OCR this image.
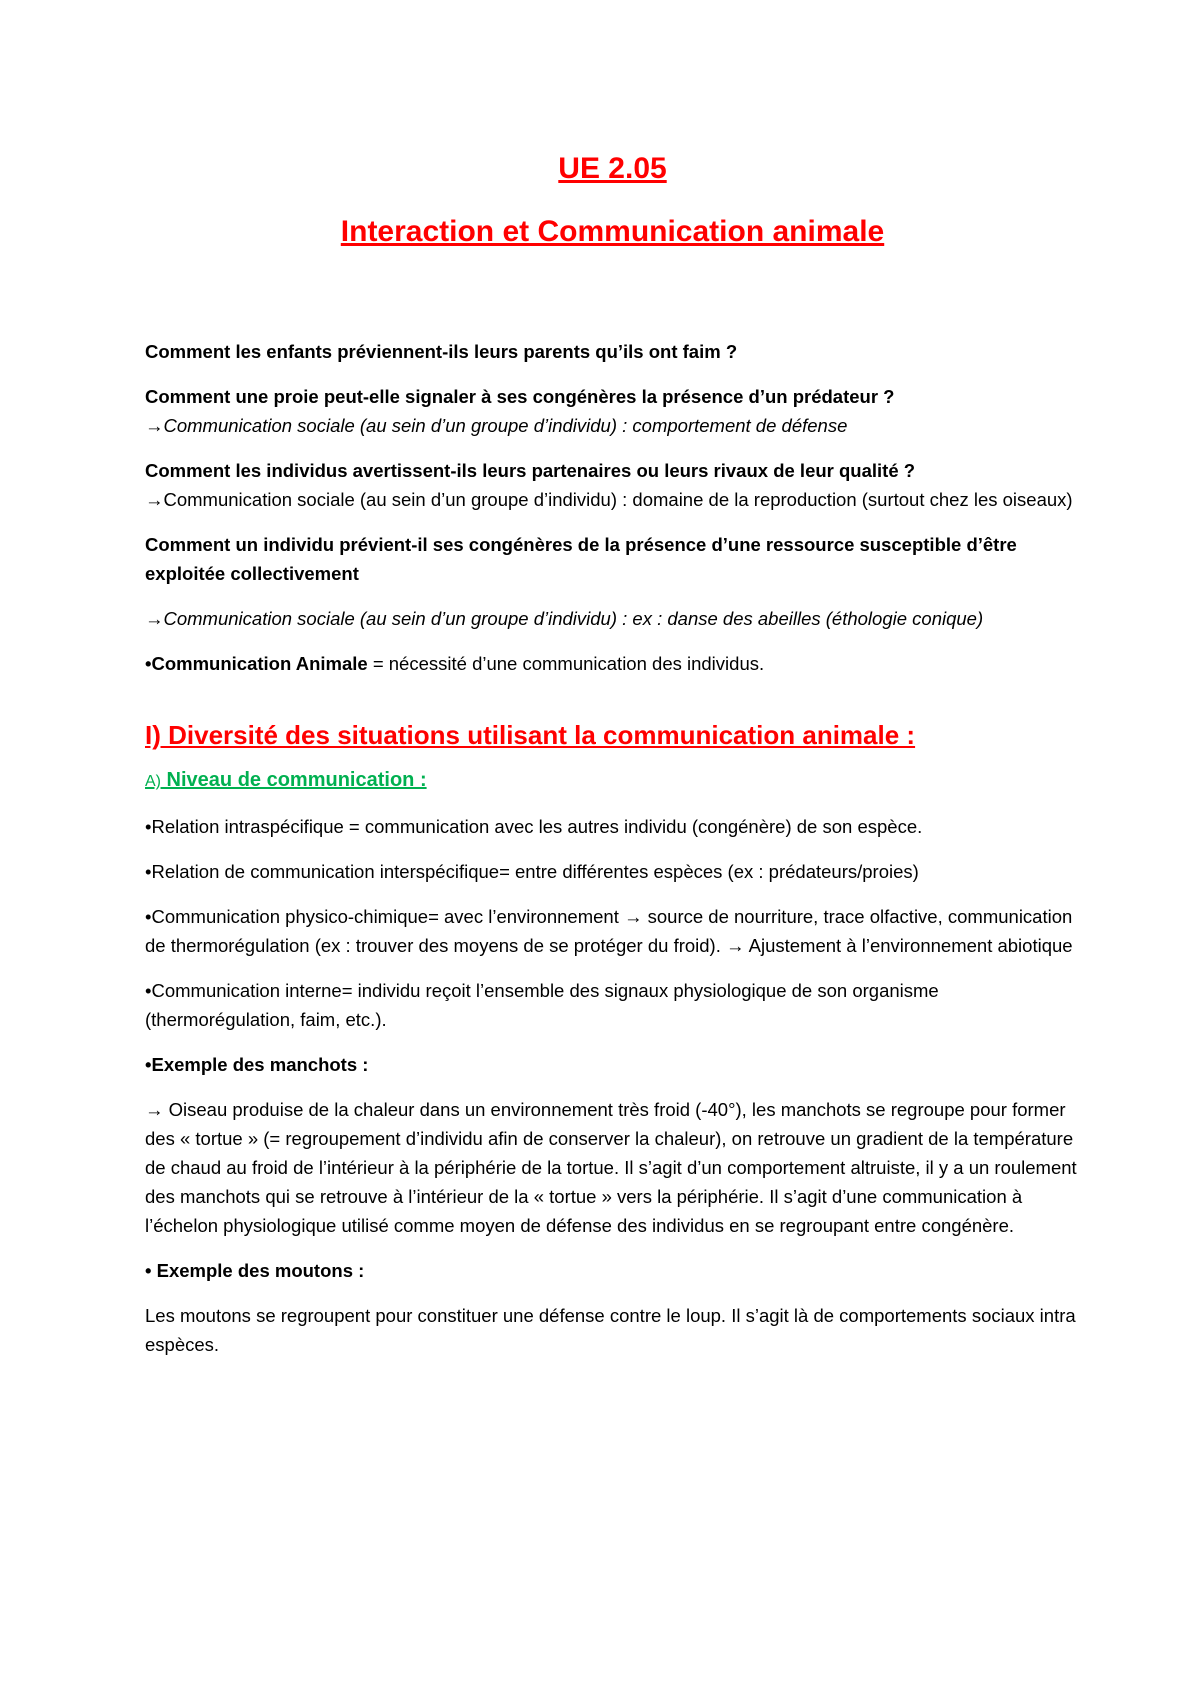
UE 2.05
Interaction et Communication animale

Comment les enfants préviennent-ils leurs parents qu’ils ont faim ?

Comment une proie peut-elle signaler à ses congénères la présence d’un prédateur ?

→Communication sociale (au sein d’un groupe d’individu) : comportement de défense

Comment les individus avertissent-ils leurs partenaires ou leurs rivaux de leur qualité ?

→Communication sociale (au sein d’un groupe d’individu) : domaine de la reproduction (surtout chez les oiseaux)

Comment un individu prévient-il ses congénères de la présence d’une ressource susceptible d’être exploitée collectivement

→Communication sociale (au sein d’un groupe d’individu) : ex : danse des abeilles (éthologie conique)

•Communication Animale = nécessité d’une communication des individus.

I) Diversité des situations utilisant la communication animale :

A) Niveau de communication :

•Relation intraspécifique = communication avec les autres individu (congénère) de son espèce.

•Relation de communication interspécifique= entre différentes espèces (ex : prédateurs/proies)

•Communication physico-chimique= avec l’environnement → source de nourriture, trace olfactive, communication de thermorégulation (ex : trouver des moyens de se protéger du froid). → Ajustement à l’environnement abiotique

•Communication interne= individu reçoit l’ensemble des signaux physiologique de son organisme (thermorégulation, faim, etc.).

•Exemple des manchots :

→ Oiseau produise de la chaleur dans un environnement très froid (-40°), les manchots se regroupe pour former des « tortue » (= regroupement d’individu afin de conserver la chaleur), on retrouve un gradient de la température de chaud au froid de l’intérieur à la périphérie de la tortue. Il s’agit d’un comportement altruiste, il y a un roulement des manchots qui se retrouve à l’intérieur de la « tortue » vers la périphérie. Il s’agit d’une communication à l’échelon physiologique utilisé comme moyen de défense des individus en se regroupant entre congénère.

• Exemple des moutons :

Les moutons se regroupent pour constituer une défense contre le loup. Il s’agit là de comportements sociaux intra espèces.
